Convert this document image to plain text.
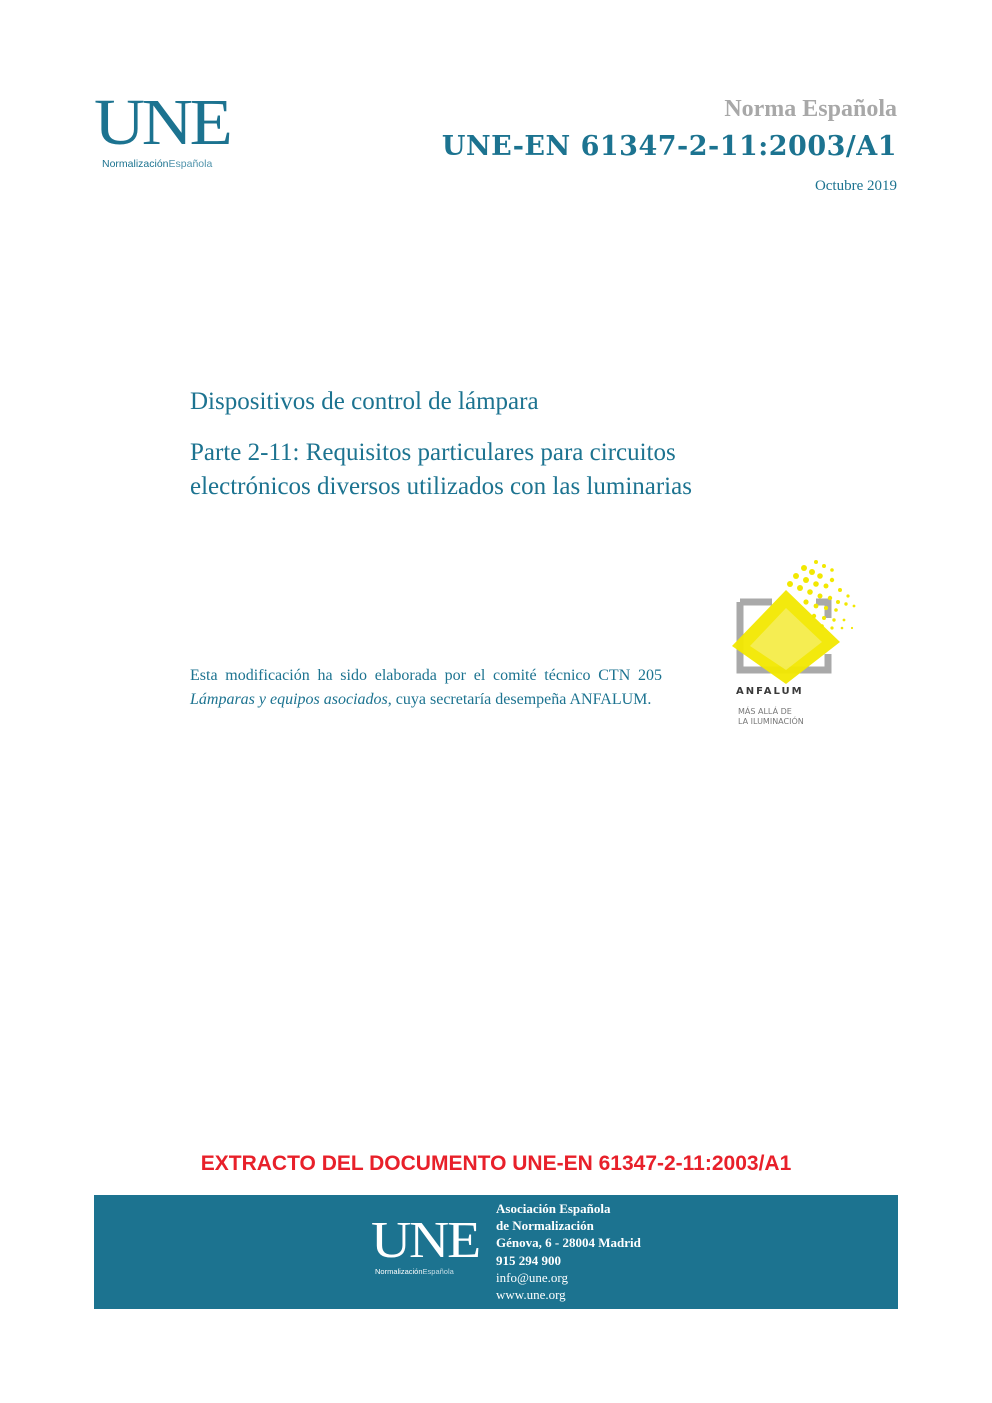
UNE
NormalizaciónEspañola
Norma Española
UNE-EN 61347-2-11:2003/A1
Octubre 2019
Dispositivos de control de lámpara
Parte 2-11: Requisitos particulares para circuitos
electrónicos diversos utilizados con las luminarias
Esta modificación ha sido elaborada por el comité técnico CTN 205 Lámparas y equipos asociados, cuya secretaría desempeña ANFALUM.	ANFALUM
MÁS ALLÁ DE
LA ILUMINACIÓN
EXTRACTO DEL DOCUMENTO UNE-EN 61347-2-11:2003/A1
UNE
NormalizaciónEspañola
Asociación Española
de Normalización
Génova, 6 - 28004 Madrid
915 294 900
info@une.org
www.une.org
